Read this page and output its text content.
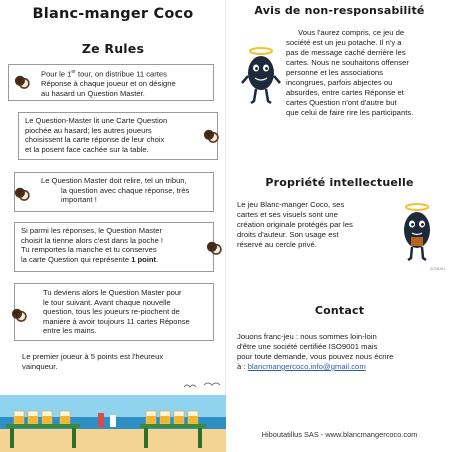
Blanc-manger Coco
Ze Rules

Pour le 1er tour, on distribue 11 cartes

Réponse à chaque joueur et on désigne

au hasard un Question Master.

Le Question-Master lit une Carte Question

piochée au hasard; les autres joueurs

choisissent la carte réponse de leur choix

et la posent face cachée sur la table.

Le Question Master doit relire, tel un tribun,

la question avec chaque réponse, très

important !

Si parmi les réponses, le Question Master

choisit la tienne alors c'est dans la poche !

Tu remportes la manche et tu conserves

la carte Question qui représente 1 point.

Tu deviens alors le Question Master pour

le tour suivant. Avant chaque nouvelle

question, tous les joueurs re-piochent de

manière à avoir toujours 11 cartes Réponse

entre les mains.

Le premier joueur à 5 points est l'heureux

vainqueur.

Avis de non-responsabilité

Vous l'aurez compris, ce jeu de

société est un jeu potache. Il n'y a

pas de message caché derrière les

cartes. Nous ne souhaitons offenser

personne et les associations

incongrues, parfois abjectes ou

absurdes, entre cartes Réponse et

cartes Question n'ont d'autre but

que celui de faire rire les participants.

Propriété intellectuelle

Le jeu Blanc-manger Coco, ses

cartes et ses visuels sont une

création originale protégés par les

droits d'auteur. Son usage est

réservé au cercle privé.

2CHU01
Contact

Jouons franc-jeu : nous sommes loin-loin

d'être une société certifiée ISO9001 mais

pour toute demande, vous pouvez nous écrire

à : blancmangercoco.info@gmail.com

Hiboutatillus SAS - www.blancmangercoco.com
